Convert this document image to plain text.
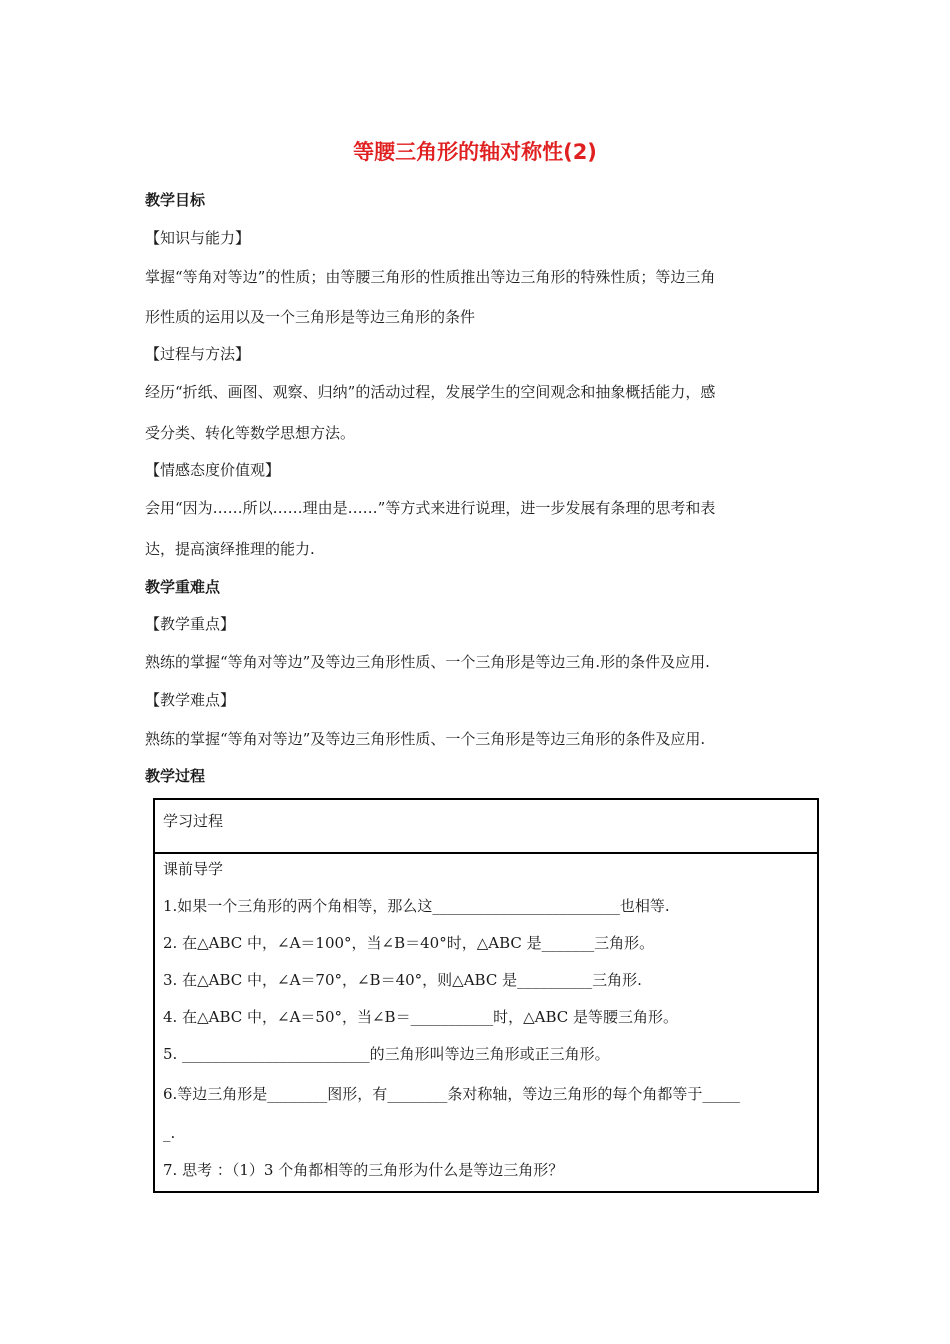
等腰三角形的轴对称性(2)
教学目标
【知识与能力】
掌握“等角对等边”的性质；由等腰三角形的性质推出等边三角形的特殊性质；等边三角
形性质的运用以及一个三角形是等边三角形的条件
【过程与方法】
经历“折纸、画图、观察、归纳”的活动过程，发展学生的空间观念和抽象概括能力，感
受分类、转化等数学思想方法。
【情感态度价值观】
会用“因为……所以……理由是……”等方式来进行说理，进一步发展有条理的思考和表
达，提高演绎推理的能力.
教学重难点
【教学重点】
熟练的掌握“等角对等边”及等边三角形性质、一个三角形是等边三角.形的条件及应用.
【教学难点】
熟练的掌握“等角对等边”及等边三角形性质、一个三角形是等边三角形的条件及应用.
教学过程
学习过程
课前导学
1.如果一个三角形的两个角相等，那么这_________________________也相等.
2. 在△ABC 中，∠A＝100°，当∠B＝40°时，△ABC 是_______三角形。
3. 在△ABC 中，∠A＝70°，∠B＝40°，则△ABC 是__________三角形.
4. 在△ABC 中，∠A＝50°，当∠B＝___________时，△ABC 是等腰三角形。
5. _________________________的三角形叫等边三角形或正三角形。
6.等边三角形是________图形，有________条对称轴，等边三角形的每个角都等于_____
_.
7. 思考 ：（1）3 个角都相等的三角形为什么是等边三角形？
